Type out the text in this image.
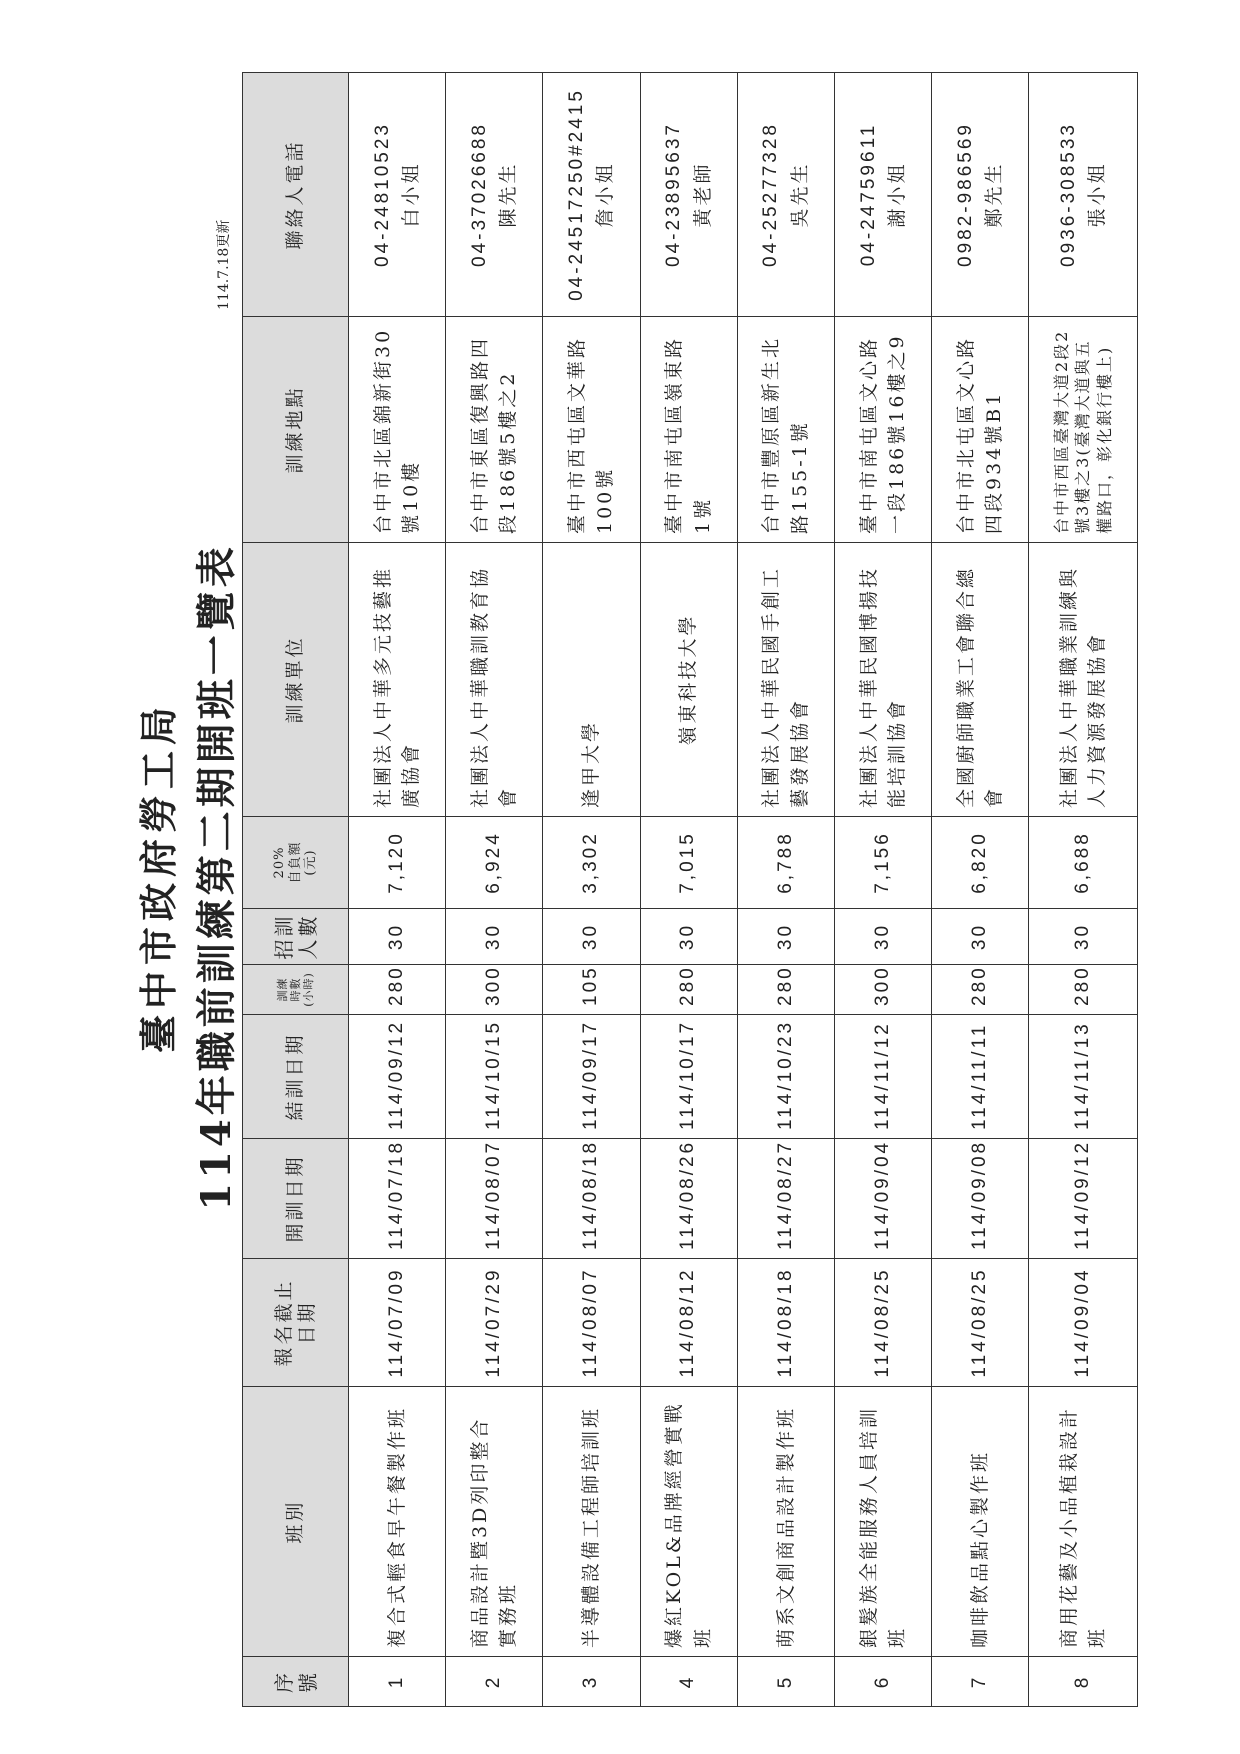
臺中市政府勞工局 114年職前訓練第二期開班一覽表
114.7.18更新
序 號	班別	報名截止 日期	開訓日期	結訓日期	訓練 時數 (小時)	招訓 人數	20% 自負額 (元)	訓練單位	訓練地點	聯絡人電話
1	複合式輕食早午餐製作班	114/07/09	114/07/18	114/09/12	280	30	7,120	社團法人中華多元技藝推廣協會	台中市北區錦新街30號10樓	04-24810523 白小姐

2	商品設計暨3D列印整合實務班	114/07/29	114/08/07	114/10/15	300	30	6,924	社團法人中華職訓教育協會	台中市東區復興路四段186號5樓之2	04-37026688 陳先生

3	半導體設備工程師培訓班	114/08/07	114/08/18	114/09/17	105	30	3,302	逢甲大學	臺中市西屯區文華路100號	04-24517250#2415 詹小姐

4	爆紅KOL&品牌經營實戰班	114/08/12	114/08/26	114/10/17	280	30	7,015	嶺東科技大學	臺中市南屯區嶺東路1號	04-23895637 黃老師

5	萌系文創商品設計製作班	114/08/18	114/08/27	114/10/23	280	30	6,788	社團法人中華民國手創工藝發展協會	台中市豐原區新生北路155-1號	04-25277328 吳先生

6	銀髮族全能服務人員培訓班	114/08/25	114/09/04	114/11/12	300	30	7,156	社團法人中華民國博揚技能培訓協會	臺中市南屯區文心路一段186號16樓之9	04-24759611 謝小姐

7	咖啡飲品點心製作班	114/08/25	114/09/08	114/11/11	280	30	6,820	全國廚師職業工會聯合總會	台中市北屯區文心路四段934號B1	0982-986569 鄭先生

8	商用花藝及小品植栽設計班	114/09/04	114/09/12	114/11/13	280	30	6,688	社團法人中華職業訓練與人力資源發展協會	台中市西區臺灣大道2段2號3樓之3(臺灣大道與五權路口，彰化銀行樓上)	0936-308533 張小姐
